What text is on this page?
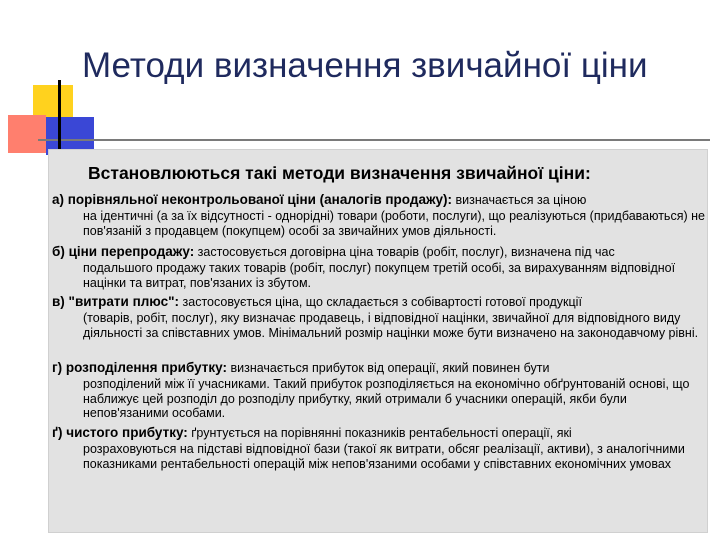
Методи визначення звичайної ціни
Встановлюються такі методи визначення звичайної ціни:
а) порівняльної неконтрольованої ціни (аналогів продажу): визначається за ціною
на ідентичні (а за їх відсутності - однорідні) товари (роботи, послуги), що реалізуються (придбаваються) не пов'язаній з продавцем (покупцем) особі за звичайних умов діяльності.
б) ціни перепродажу: застосовується договірна ціна товарів (робіт, послуг), визначена під час
подальшого продажу таких товарів (робіт, послуг) покупцем третій особі, за вирахуванням відповідної націнки та витрат, пов'язаних із збутом.
в) "витрати плюс": застосовується ціна, що складається з собівартості готової продукції
(товарів, робіт, послуг), яку визначає продавець, і відповідної націнки, звичайної для відповідного виду діяльності за співставних умов. Мінімальний розмір націнки може бути визначено на законодавчому рівні.
г) розподілення прибутку: визначається прибуток від операції, який повинен бути
розподілений між її учасниками. Такий прибуток розподіляється на економічно обґрунтованій основі, що наближує цей розподіл до розподілу прибутку, який отримали б учасники операцій, якби були непов'язаними особами.
ґ) чистого прибутку: ґрунтується на порівнянні показників рентабельності операції, які
розраховуються на підставі відповідної бази (такої як витрати, обсяг реалізації, активи), з аналогічними показниками рентабельності операцій між непов'язаними особами у співставних економічних умовах
